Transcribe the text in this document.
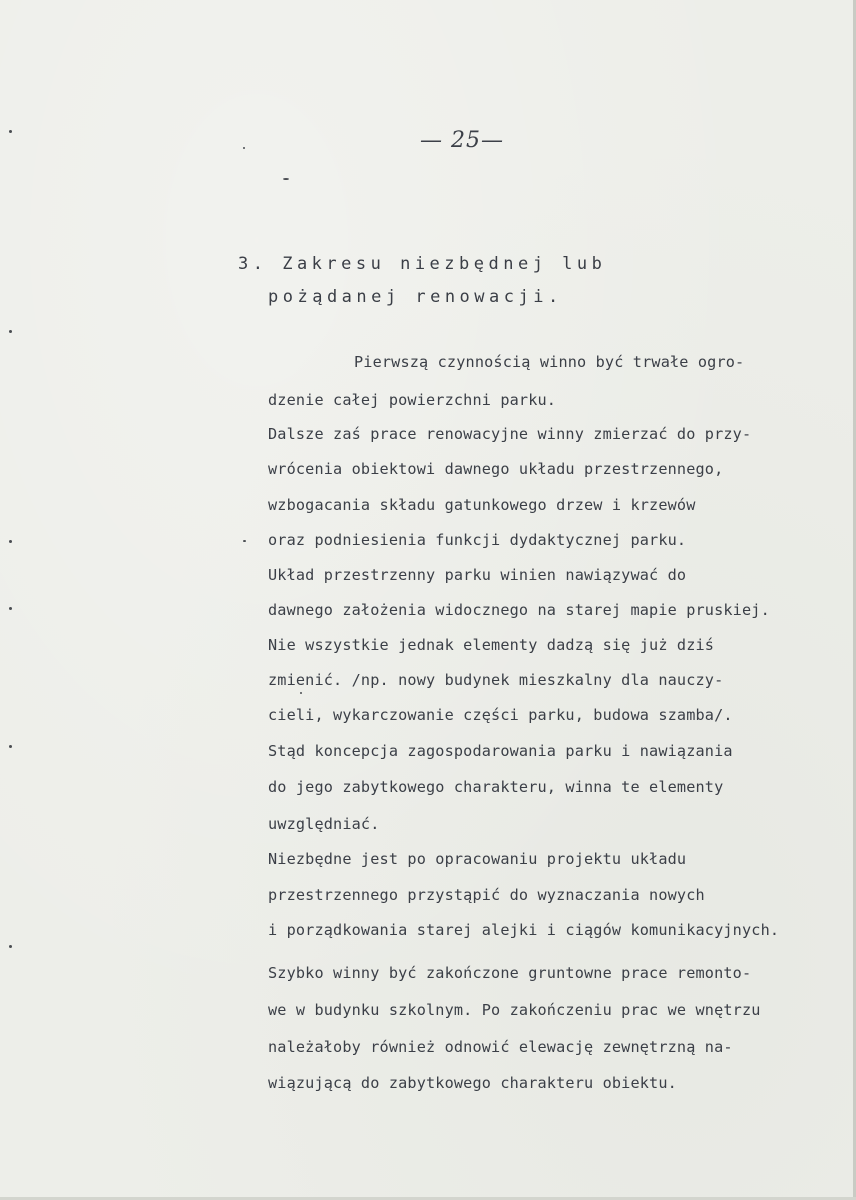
— 25—
3. Zakresu niezbędnej lub
pożądanej renowacji.
Pierwszą czynnością winno być trwałe ogro-
dzenie całej powierzchni parku.
Dalsze zaś prace renowacyjne winny zmierzać do przy-
wrócenia obiektowi dawnego układu przestrzennego,
wzbogacania składu gatunkowego drzew i krzewów
oraz podniesienia funkcji dydaktycznej parku.
Układ przestrzenny parku winien nawiązywać do
dawnego założenia widocznego na starej mapie pruskiej.
Nie wszystkie jednak elementy dadzą się już dziś
zmienić. /np. nowy budynek mieszkalny dla nauczy-
cieli, wykarczowanie części parku, budowa szamba/.
Stąd koncepcja zagospodarowania parku i nawiązania
do jego zabytkowego charakteru, winna te elementy
uwzględniać.
Niezbędne jest po opracowaniu projektu układu
przestrzennego przystąpić do wyznaczania nowych
i porządkowania starej alejki i ciągów komunikacyjnych.
Szybko winny być zakończone gruntowne prace remonto-
we w budynku szkolnym. Po zakończeniu prac we wnętrzu
należałoby również odnowić elewację zewnętrzną na-
wiązującą do zabytkowego charakteru obiektu.
